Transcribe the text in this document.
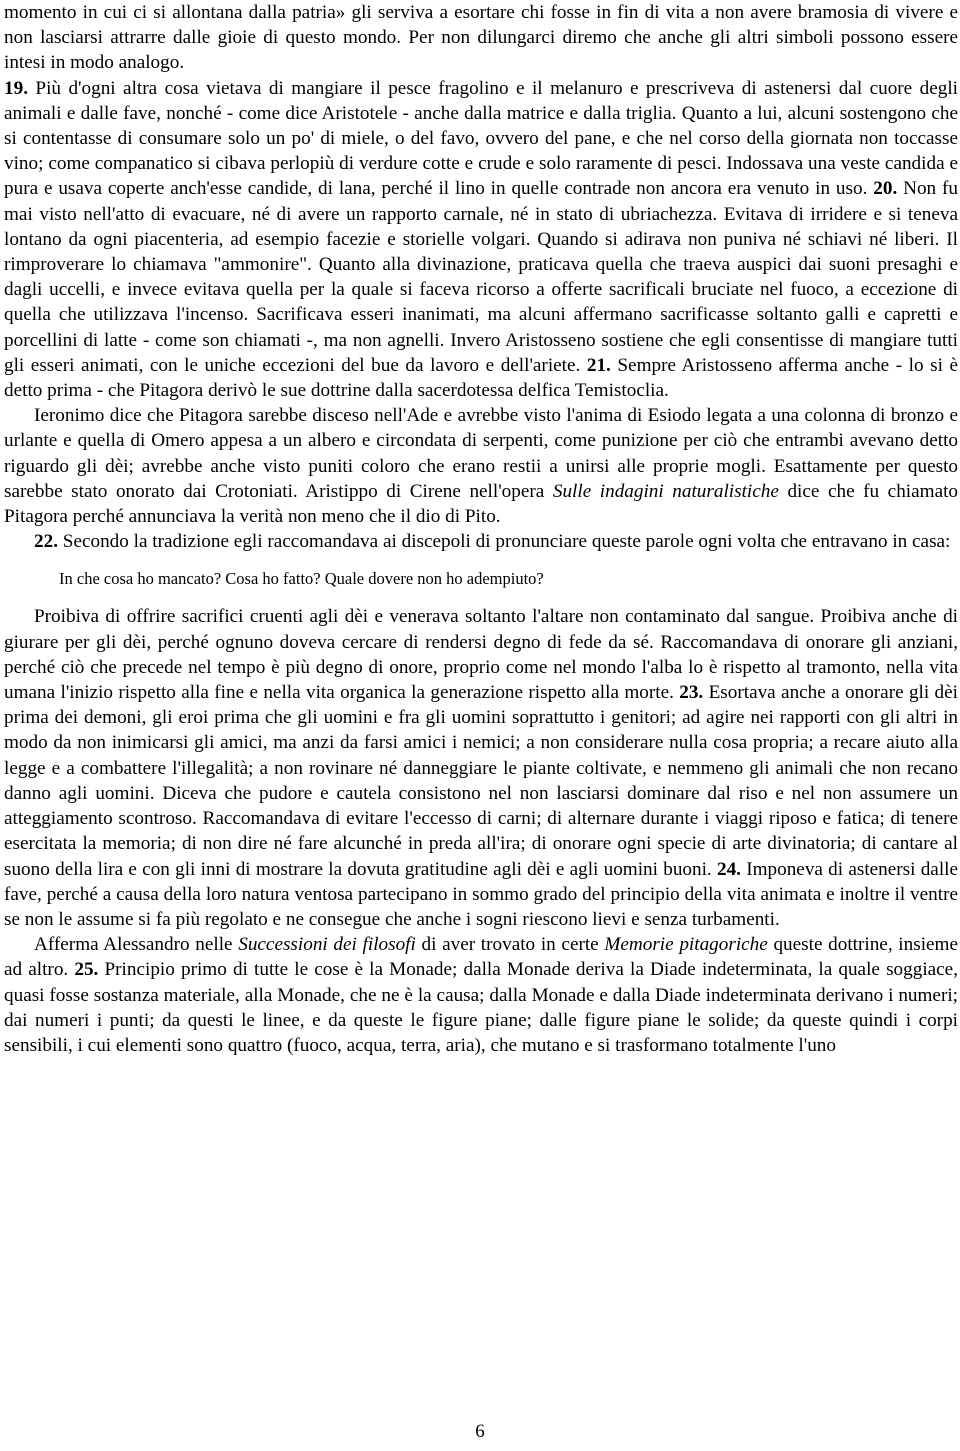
momento in cui ci si allontana dalla patria» gli serviva a esortare chi fosse in fin di vita a non avere bramosia di vivere e non lasciarsi attrarre dalle gioie di questo mondo. Per non dilungarci diremo che anche gli altri simboli possono essere intesi in modo analogo.

19. Più d'ogni altra cosa vietava di mangiare il pesce fragolino e il melanuro e prescriveva di astenersi dal cuore degli animali e dalle fave, nonché - come dice Aristotele - anche dalla matrice e dalla triglia. Quanto a lui, alcuni sostengono che si contentasse di consumare solo un po' di miele, o del favo, ovvero del pane, e che nel corso della giornata non toccasse vino; come companatico si cibava perlopiù di verdure cotte e crude e solo raramente di pesci. Indossava una veste candida e pura e usava coperte anch'esse candide, di lana, perché il lino in quelle contrade non ancora era venuto in uso. 20. Non fu mai visto nell'atto di evacuare, né di avere un rapporto carnale, né in stato di ubriachezza. Evitava di irridere e si teneva lontano da ogni piacenteria, ad esempio facezie e storielle volgari. Quando si adirava non puniva né schiavi né liberi. Il rimproverare lo chiamava "ammonire". Quanto alla divinazione, praticava quella che traeva auspici dai suoni presaghi e dagli uccelli, e invece evitava quella per la quale si faceva ricorso a offerte sacrificali bruciate nel fuoco, a eccezione di quella che utilizzava l'incenso. Sacrificava esseri inanimati, ma alcuni affermano sacrificasse soltanto galli e capretti e porcellini di latte - come son chiamati -, ma non agnelli. Invero Aristosseno sostiene che egli consentisse di mangiare tutti gli esseri animati, con le uniche eccezioni del bue da lavoro e dell'ariete. 21. Sempre Aristosseno afferma anche - lo si è detto prima - che Pitagora derivò le sue dottrine dalla sacerdotessa delfica Temistoclia.

Ieronimo dice che Pitagora sarebbe disceso nell'Ade e avrebbe visto l'anima di Esiodo legata a una colonna di bronzo e urlante e quella di Omero appesa a un albero e circondata di serpenti, come punizione per ciò che entrambi avevano detto riguardo gli dèi; avrebbe anche visto puniti coloro che erano restii a unirsi alle proprie mogli. Esattamente per questo sarebbe stato onorato dai Crotoniati. Aristippo di Cirene nell'opera Sulle indagini naturalistiche dice che fu chiamato Pitagora perché annunciava la verità non meno che il dio di Pito.

22. Secondo la tradizione egli raccomandava ai discepoli di pronunciare queste parole ogni volta che entravano in casa:

In che cosa ho mancato? Cosa ho fatto? Quale dovere non ho adempiuto?

Proibiva di offrire sacrifici cruenti agli dèi e venerava soltanto l'altare non contaminato dal sangue. Proibiva anche di giurare per gli dèi, perché ognuno doveva cercare di rendersi degno di fede da sé. Raccomandava di onorare gli anziani, perché ciò che precede nel tempo è più degno di onore, proprio come nel mondo l'alba lo è rispetto al tramonto, nella vita umana l'inizio rispetto alla fine e nella vita organica la generazione rispetto alla morte. 23. Esortava anche a onorare gli dèi prima dei demoni, gli eroi prima che gli uomini e fra gli uomini soprattutto i genitori; ad agire nei rapporti con gli altri in modo da non inimicarsi gli amici, ma anzi da farsi amici i nemici; a non considerare nulla cosa propria; a recare aiuto alla legge e a combattere l'illegalità; a non rovinare né danneggiare le piante coltivate, e nemmeno gli animali che non recano danno agli uomini. Diceva che pudore e cautela consistono nel non lasciarsi dominare dal riso e nel non assumere un atteggiamento scontroso. Raccomandava di evitare l'eccesso di carni; di alternare durante i viaggi riposo e fatica; di tenere esercitata la memoria; di non dire né fare alcunché in preda all'ira; di onorare ogni specie di arte divinatoria; di cantare al suono della lira e con gli inni di mostrare la dovuta gratitudine agli dèi e agli uomini buoni. 24. Imponeva di astenersi dalle fave, perché a causa della loro natura ventosa partecipano in sommo grado del principio della vita animata e inoltre il ventre se non le assume si fa più regolato e ne consegue che anche i sogni riescono lievi e senza turbamenti.

Afferma Alessandro nelle Successioni dei filosofi di aver trovato in certe Memorie pitagoriche queste dottrine, insieme ad altro. 25. Principio primo di tutte le cose è la Monade; dalla Monade deriva la Diade indeterminata, la quale soggiace, quasi fosse sostanza materiale, alla Monade, che ne è la causa; dalla Monade e dalla Diade indeterminata derivano i numeri; dai numeri i punti; da questi le linee, e da queste le figure piane; dalle figure piane le solide; da queste quindi i corpi sensibili, i cui elementi sono quattro (fuoco, acqua, terra, aria), che mutano e si trasformano totalmente l'uno

6
